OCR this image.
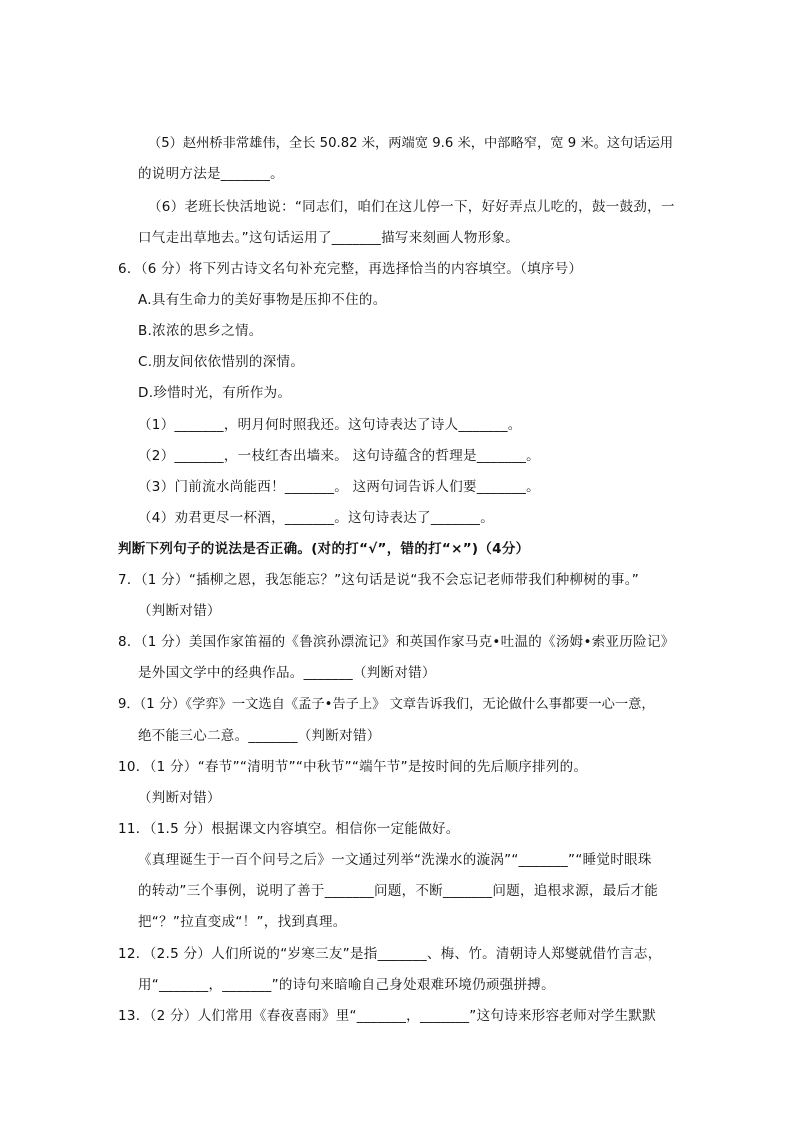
（5）赵州桥非常雄伟，全长 50.82 米，两端宽 9.6 米，中部略窄，宽 9 米。这句话运用
的说明方法是_______。
（6）老班长快活地说：“同志们，咱们在这儿停一下，好好弄点儿吃的，鼓一鼓劲，一
口气走出草地去。”这句话运用了_______描写来刻画人物形象。
6．（6 分）将下列古诗文名句补充完整，再选择恰当的内容填空。（填序号）
A.具有生命力的美好事物是压抑不住的。
B.浓浓的思乡之情。
C.朋友间依依惜别的深情。
D.珍惜时光，有所作为。
（1）_______，明月何时照我还。这句诗表达了诗人_______。
（2）_______，一枝红杏出墙来。 这句诗蕴含的哲理是_______。
（3）门前流水尚能西！_______。 这两句词告诉人们要_______。
（4）劝君更尽一杯酒，_______。这句诗表达了_______。
判断下列句子的说法是否正确。(对的打“√”，错的打“×”)（4分）
7．（1 分）“插柳之恩，我怎能忘？”这句话是说“我不会忘记老师带我们种柳树的事。”
（判断对错）
8．（1 分）美国作家笛福的《鲁滨孙漂流记》和英国作家马克•吐温的《汤姆•索亚历险记》
是外国文学中的经典作品。_______（判断对错）
9．（1 分）《学弈》一文选自《孟子•告子上》 文章告诉我们，无论做什么事都要一心一意，
绝不能三心二意。_______（判断对错）
10．（1 分）“春节”“清明节”“中秋节”“端午节”是按时间的先后顺序排列的。
（判断对错）
11．（1.5 分）根据课文内容填空。相信你一定能做好。
《真理诞生于一百个问号之后》一文通过列举“洗澡水的漩涡”“_______”“睡觉时眼珠
的转动”三个事例，说明了善于_______问题，不断_______问题，追根求源，最后才能
把“？”拉直变成“！”，找到真理。
12．（2.5 分）人们所说的“岁寒三友”是指_______、梅、竹。清朝诗人郑燮就借竹言志，
用“_______，_______”的诗句来暗喻自己身处艰难环境仍顽强拼搏。
13．（2 分）人们常用《春夜喜雨》里“_______，_______”这句诗来形容老师对学生默默
